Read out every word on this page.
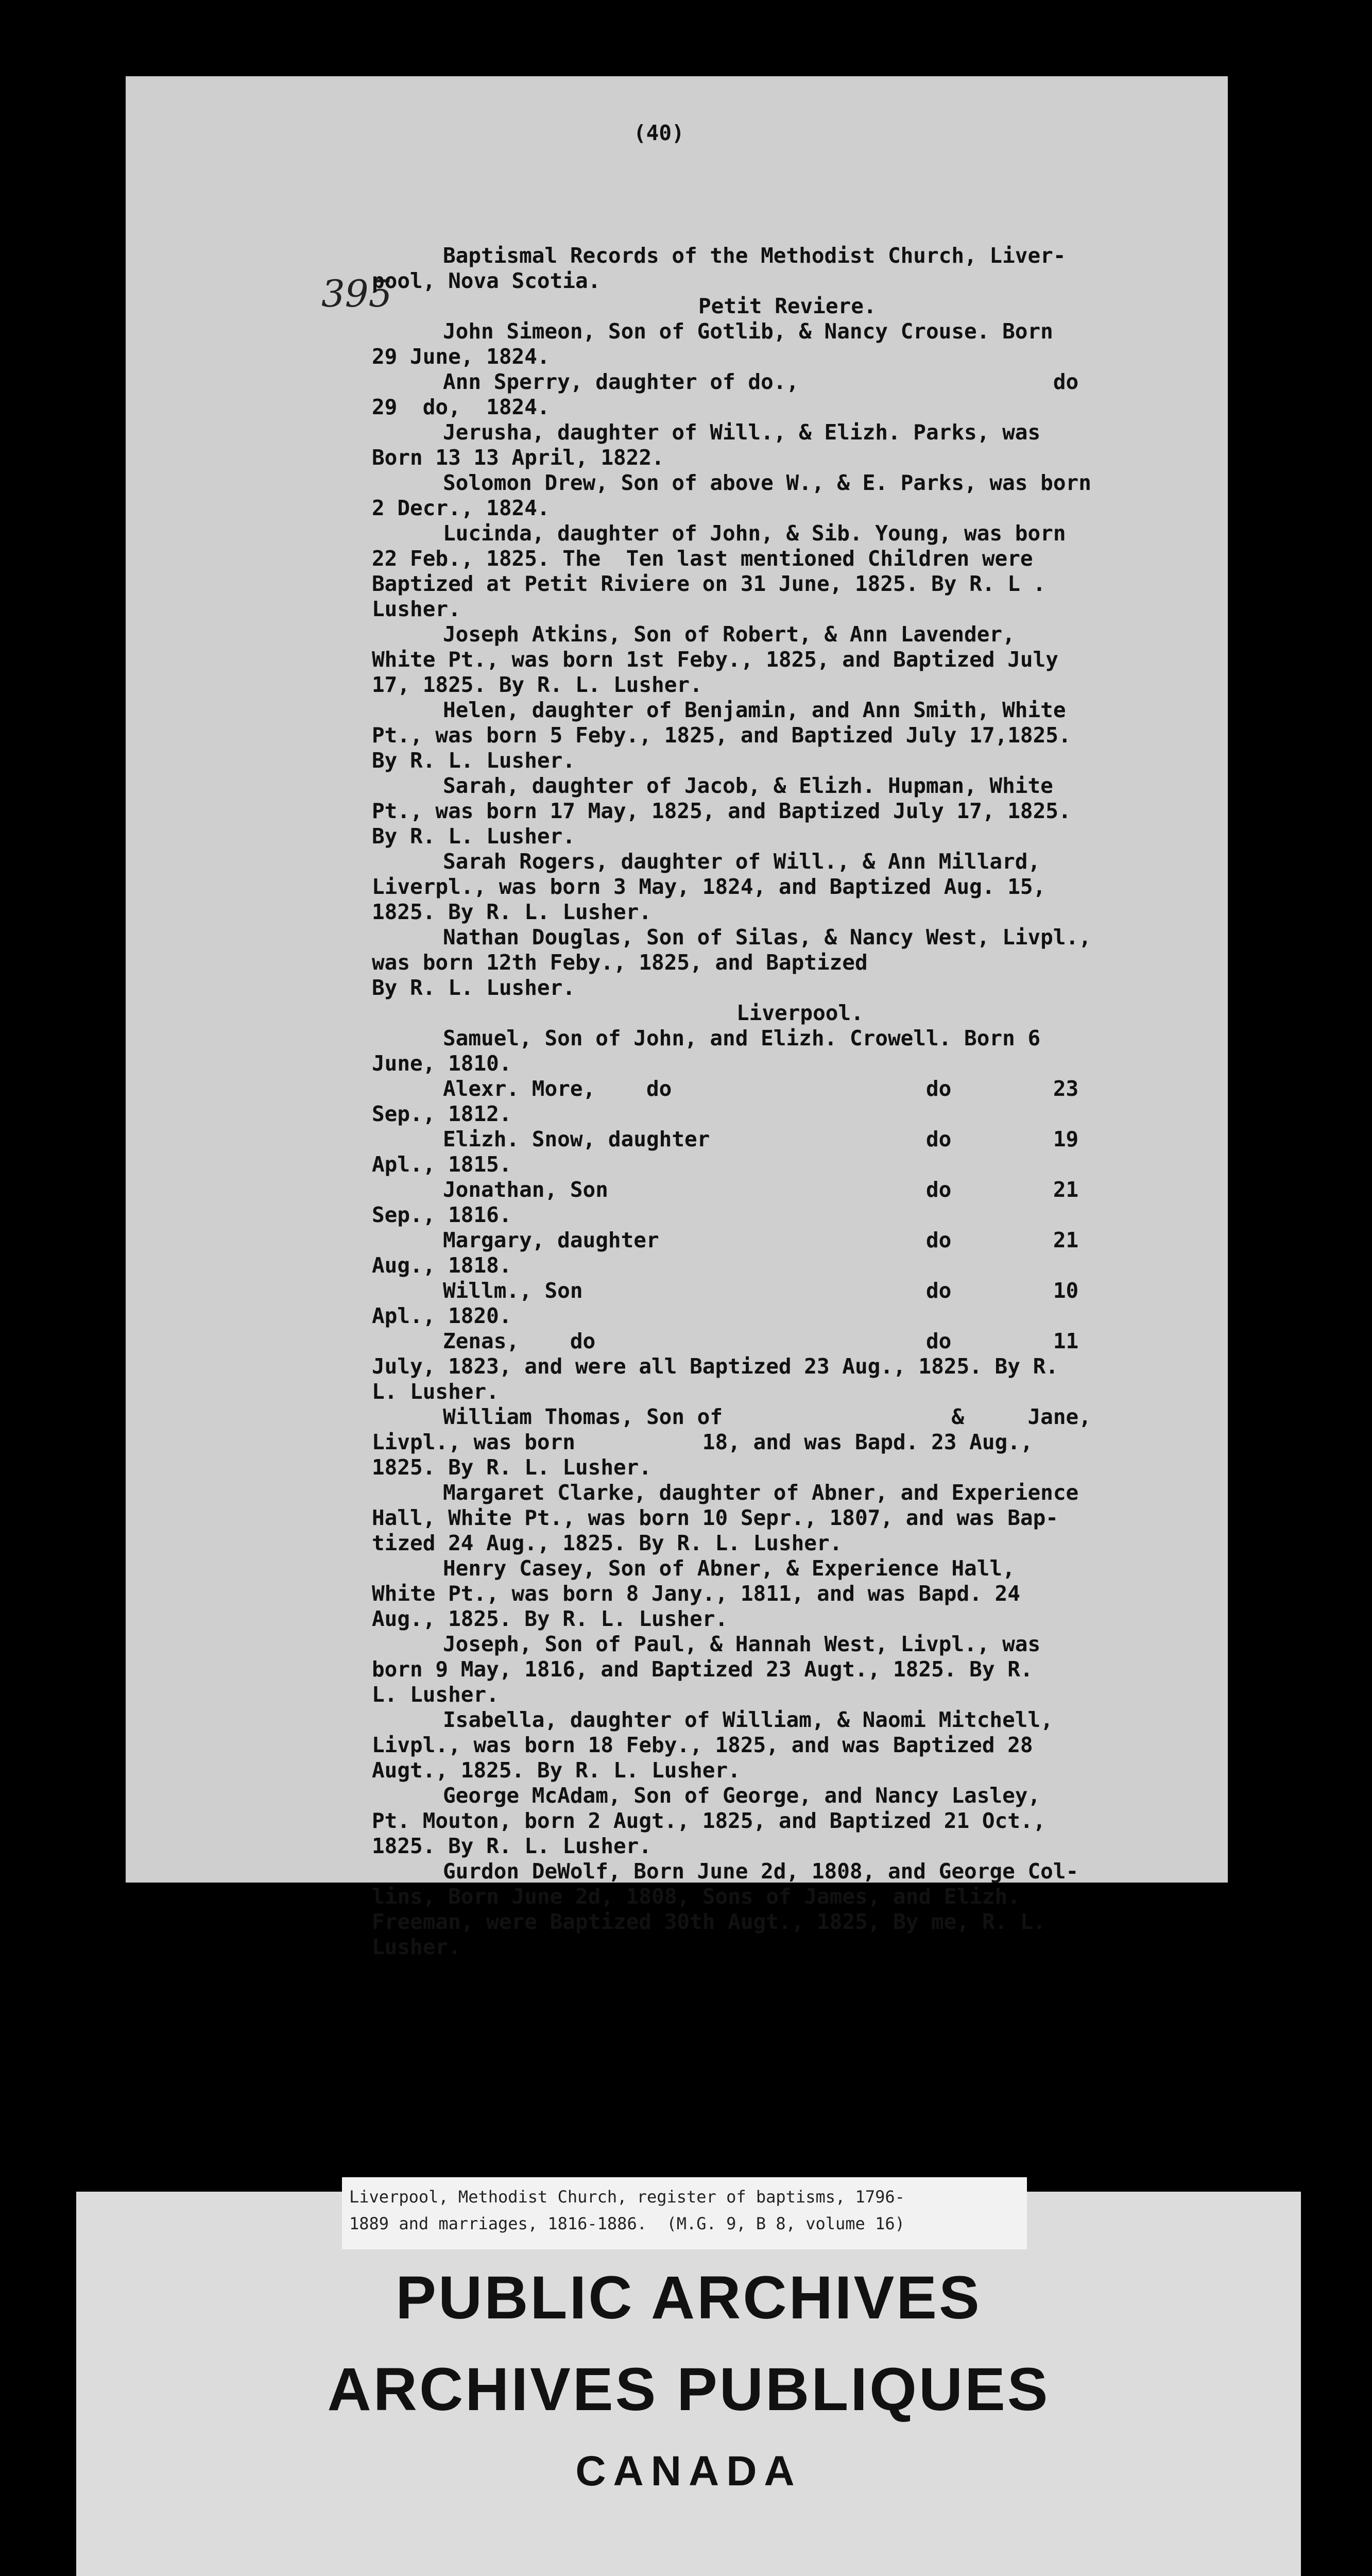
395
(40)
Baptismal Records of the Methodist Church, Liver-
pool, Nova Scotia.
Petit Reviere.
John Simeon, Son of Gotlib, & Nancy Crouse. Born
29 June, 1824.
Ann Sperry, daughter of do.,                    do
29  do,  1824.
Jerusha, daughter of Will., & Elizh. Parks, was
Born 13 13 April, 1822.
Solomon Drew, Son of above W., & E. Parks, was born
2 Decr., 1824.
Lucinda, daughter of John, & Sib. Young, was born
22 Feb., 1825. The  Ten last mentioned Children were
Baptized at Petit Riviere on 31 June, 1825. By R. L .
Lusher.
Joseph Atkins, Son of Robert, & Ann Lavender,
White Pt., was born 1st Feby., 1825, and Baptized July
17, 1825. By R. L. Lusher.
Helen, daughter of Benjamin, and Ann Smith, White
Pt., was born 5 Feby., 1825, and Baptized July 17,1825.
By R. L. Lusher.
Sarah, daughter of Jacob, & Elizh. Hupman, White
Pt., was born 17 May, 1825, and Baptized July 17, 1825.
By R. L. Lusher.
Sarah Rogers, daughter of Will., & Ann Millard,
Liverpl., was born 3 May, 1824, and Baptized Aug. 15,
1825. By R. L. Lusher.
Nathan Douglas, Son of Silas, & Nancy West, Livpl.,
was born 12th Feby., 1825, and Baptized
By R. L. Lusher.
Liverpool.
Samuel, Son of John, and Elizh. Crowell. Born 6
June, 1810.
Alexr. More,    do                    do        23
Sep., 1812.
Elizh. Snow, daughter                 do        19
Apl., 1815.
Jonathan, Son                         do        21
Sep., 1816.
Margary, daughter                     do        21
Aug., 1818.
Willm., Son                           do        10
Apl., 1820.
Zenas,    do                          do        11
July, 1823, and were all Baptized 23 Aug., 1825. By R.
L. Lusher.
William Thomas, Son of                  &     Jane,
Livpl., was born          18, and was Bapd. 23 Aug.,
1825. By R. L. Lusher.
Margaret Clarke, daughter of Abner, and Experience
Hall, White Pt., was born 10 Sepr., 1807, and was Bap-
tized 24 Aug., 1825. By R. L. Lusher.
Henry Casey, Son of Abner, & Experience Hall,
White Pt., was born 8 Jany., 1811, and was Bapd. 24
Aug., 1825. By R. L. Lusher.
Joseph, Son of Paul, & Hannah West, Livpl., was
born 9 May, 1816, and Baptized 23 Augt., 1825. By R.
L. Lusher.
Isabella, daughter of William, & Naomi Mitchell,
Livpl., was born 18 Feby., 1825, and was Baptized 28
Augt., 1825. By R. L. Lusher.
George McAdam, Son of George, and Nancy Lasley,
Pt. Mouton, born 2 Augt., 1825, and Baptized 21 Oct.,
1825. By R. L. Lusher.
Gurdon DeWolf, Born June 2d, 1808, and George Col-
lins, Born June 2d, 1808, Sons of James, and Elizh.
Freeman, were Baptized 30th Augt., 1825, By me, R. L.
Lusher.
Liverpool, Methodist Church, register of baptisms, 1796-
1889 and marriages, 1816-1886.  (M.G. 9, B 8, volume 16)
PUBLIC ARCHIVES
ARCHIVES PUBLIQUES
CANADA
